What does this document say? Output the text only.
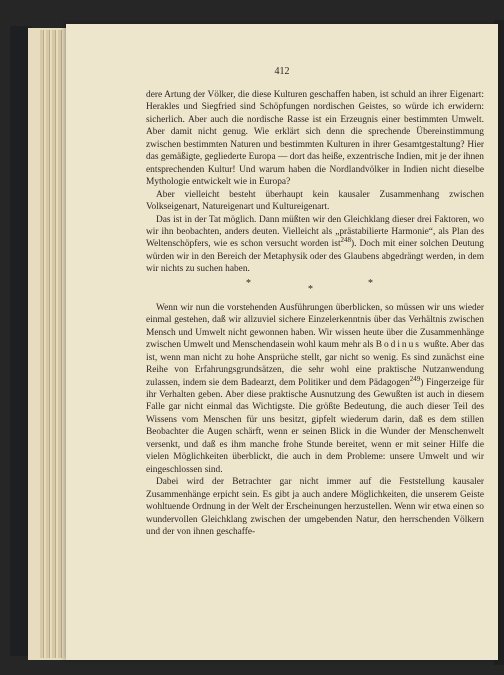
412

dere Artung der Völker, die diese Kulturen geschaffen haben, ist schuld an ihrer Eigenart: Herakles und Siegfried sind Schöpfungen nordischen Geistes, so würde ich erwidern: sicherlich. Aber auch die nordische Rasse ist ein Erzeugnis einer bestimmten Umwelt. Aber damit nicht genug. Wie erklärt sich denn die sprechende Übereinstimmung zwischen bestimmten Naturen und bestimmten Kulturen in ihrer Gesamtgestaltung? Hier das gemäßigte, gegliederte Europa — dort das heiße, exzentrische Indien, mit je der ihnen entsprechenden Kultur! Und warum haben die Nordlandvölker in Indien nicht dieselbe Mythologie entwickelt wie in Europa?

Aber vielleicht besteht überhaupt kein kausaler Zusammenhang zwischen Volkseigenart, Natureigenart und Kultureigenart.

Das ist in der Tat möglich. Dann müßten wir den Gleichklang dieser drei Faktoren, wo wir ihn beobachten, anders deuten. Vielleicht als „prästabilierte Harmonie“, als Plan des Weltenschöpfers, wie es schon versucht worden ist$^{248}$). Doch mit einer solchen Deutung würden wir in den Bereich der Metaphysik oder des Glaubens abgedrängt werden, in dem wir nichts zu suchen haben.

*
*
*

Wenn wir nun die vorstehenden Ausführungen überblicken, so müssen wir uns wieder einmal gestehen, daß wir allzuviel sichere Einzelerkenntnis über das Verhältnis zwischen Mensch und Umwelt nicht gewonnen haben. Wir wissen heute über die Zusammenhänge zwischen Umwelt und Menschendasein wohl kaum mehr als Bodinus wußte. Aber das ist, wenn man nicht zu hohe Ansprüche stellt, gar nicht so wenig. Es sind zunächst eine Reihe von Erfahrungsgrundsätzen, die sehr wohl eine praktische Nutzanwendung zulassen, indem sie dem Badearzt, dem Politiker und dem Pädagogen$^{249}$) Fingerzeige für ihr Verhalten geben. Aber diese praktische Ausnutzung des Gewußten ist auch in diesem Falle gar nicht einmal das Wichtigste. Die größte Bedeutung, die auch dieser Teil des Wissens vom Menschen für uns besitzt, gipfelt wiederum darin, daß es dem stillen Beobachter die Augen schärft, wenn er seinen Blick in die Wunder der Menschenwelt versenkt, und daß es ihm manche frohe Stunde bereitet, wenn er mit seiner Hilfe die vielen Möglichkeiten überblickt, die auch in dem Probleme: unsere Umwelt und wir eingeschlossen sind.

Dabei wird der Betrachter gar nicht immer auf die Feststellung kausaler Zusammenhänge erpicht sein. Es gibt ja auch andere Möglichkeiten, die unserem Geiste wohltuende Ordnung in der Welt der Erscheinungen herzustellen. Wenn wir etwa einen so wundervollen Gleichklang zwischen der umgebenden Natur, den herrschenden Völkern und der von ihnen geschaffe-
